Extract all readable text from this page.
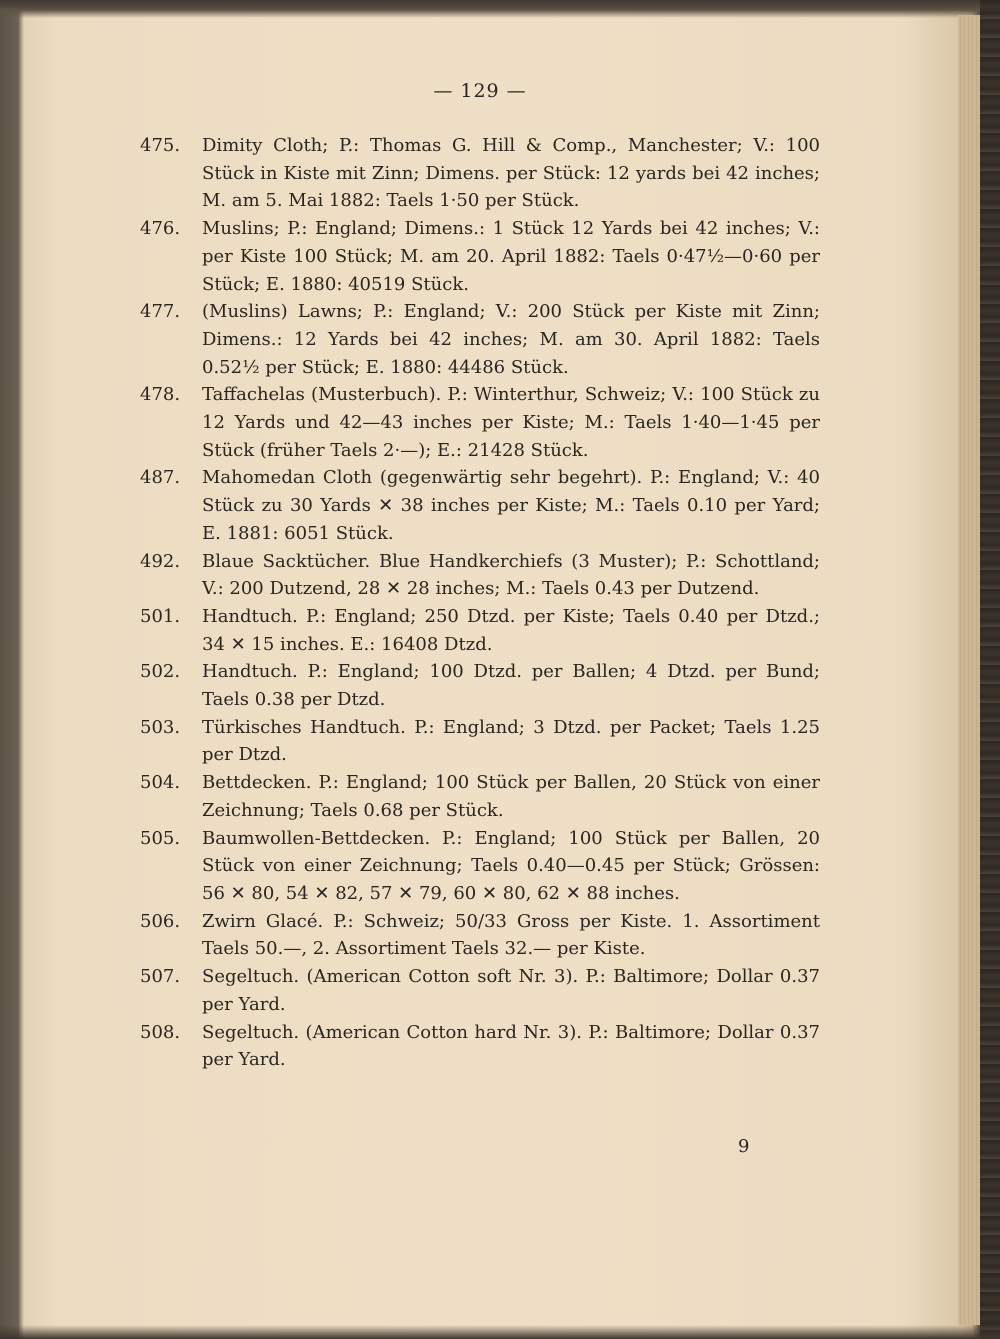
— 129 —
475.	Dimity Cloth; P.: Thomas G. Hill & Comp., Manchester; V.: 100 Stück in Kiste mit Zinn; Dimens. per Stück: 12 yards bei 42 inches; M. am 5. Mai 1882: Taels 1·50 per Stück.
476.	Muslins; P.: England; Dimens.: 1 Stück 12 Yards bei 42 inches; V.: per Kiste 100 Stück; M. am 20. April 1882: Taels 0·47½—0·60 per Stück; E. 1880: 40519 Stück.
477.	(Muslins) Lawns; P.: England; V.: 200 Stück per Kiste mit Zinn; Dimens.: 12 Yards bei 42 inches; M. am 30. April 1882: Taels 0.52½ per Stück; E. 1880: 44486 Stück.
478.	Taffachelas (Musterbuch). P.: Winterthur, Schweiz; V.: 100 Stück zu 12 Yards und 42—43 inches per Kiste; M.: Taels 1·40—1·45 per Stück (früher Taels 2·—); E.: 21428 Stück.
487.	Mahomedan Cloth (gegenwärtig sehr begehrt). P.: England; V.: 40 Stück zu 30 Yards ✕ 38 inches per Kiste; M.: Taels 0.10 per Yard; E. 1881: 6051 Stück.
492.	Blaue Sacktücher. Blue Handkerchiefs (3 Muster); P.: Schottland; V.: 200 Dutzend, 28 ✕ 28 inches; M.: Taels 0.43 per Dutzend.
501.	Handtuch. P.: England; 250 Dtzd. per Kiste; Taels 0.40 per Dtzd.; 34 ✕ 15 inches. E.: 16408 Dtzd.
502.	Handtuch. P.: England; 100 Dtzd. per Ballen; 4 Dtzd. per Bund; Taels 0.38 per Dtzd.
503.	Türkisches Handtuch. P.: England; 3 Dtzd. per Packet; Taels 1.25 per Dtzd.
504.	Bettdecken. P.: England; 100 Stück per Ballen, 20 Stück von einer Zeichnung; Taels 0.68 per Stück.
505.	Baumwollen-Bettdecken. P.: England; 100 Stück per Ballen, 20 Stück von einer Zeichnung; Taels 0.40—0.45 per Stück; Grössen: 56 ✕ 80, 54 ✕ 82, 57 ✕ 79, 60 ✕ 80, 62 ✕ 88 inches.
506.	Zwirn Glacé. P.: Schweiz; 50/33 Gross per Kiste. 1. Assortiment Taels 50.—, 2. Assortiment Taels 32.— per Kiste.
507.	Segeltuch. (American Cotton soft Nr. 3). P.: Baltimore; Dollar 0.37 per Yard.
508.	Segeltuch. (American Cotton hard Nr. 3). P.: Baltimore; Dollar 0.37 per Yard.
9
